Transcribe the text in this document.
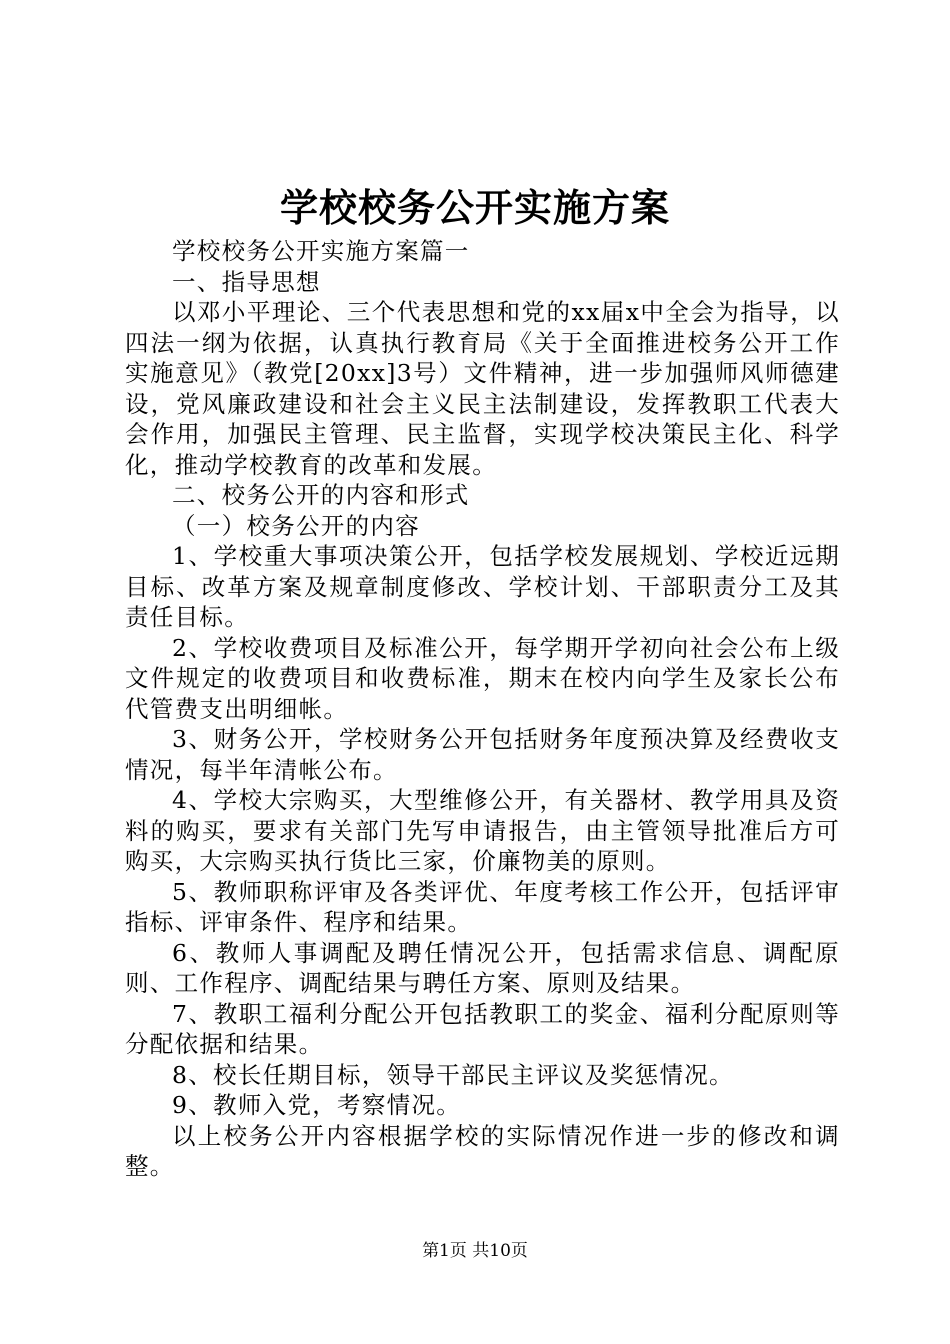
学校校务公开实施方案

学校校务公开实施方案篇一

一、指导思想

以邓小平理论、三个代表思想和党的xx届x中全会为指导，以四法一纲为依据，认真执行教育局《关于全面推进校务公开工作实施意见》（教党[20xx]3号）文件精神，进一步加强师风师德建设，党风廉政建设和社会主义民主法制建设，发挥教职工代表大会作用，加强民主管理、民主监督，实现学校决策民主化、科学化，推动学校教育的改革和发展。

二、校务公开的内容和形式

（一）校务公开的内容

1、学校重大事项决策公开，包括学校发展规划、学校近远期目标、改革方案及规章制度修改、学校计划、干部职责分工及其责任目标。

2、学校收费项目及标准公开，每学期开学初向社会公布上级文件规定的收费项目和收费标准，期末在校内向学生及家长公布代管费支出明细帐。

3、财务公开，学校财务公开包括财务年度预决算及经费收支情况，每半年清帐公布。

4、学校大宗购买，大型维修公开，有关器材、教学用具及资料的购买，要求有关部门先写申请报告，由主管领导批准后方可购买，大宗购买执行货比三家，价廉物美的原则。

5、教师职称评审及各类评优、年度考核工作公开，包括评审指标、评审条件、程序和结果。

6、教师人事调配及聘任情况公开，包括需求信息、调配原则、工作程序、调配结果与聘任方案、原则及结果。

7、教职工福利分配公开包括教职工的奖金、福利分配原则等分配依据和结果。

8、校长任期目标，领导干部民主评议及奖惩情况。

9、教师入党，考察情况。

以上校务公开内容根据学校的实际情况作进一步的修改和调整。

第1页 共10页
